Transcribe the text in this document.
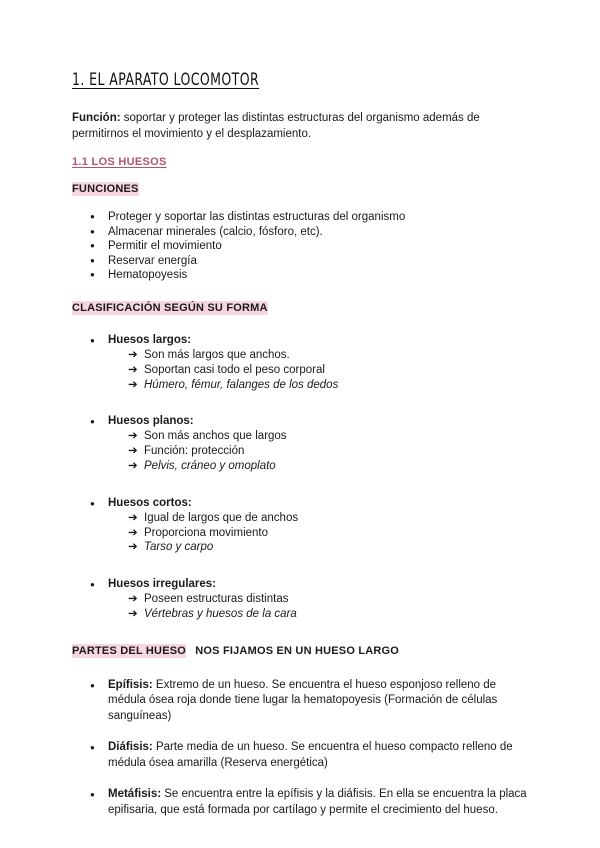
1. EL APARATO LOCOMOTOR

Función: soportar y proteger las distintas estructuras del organismo además de permitirnos el movimiento y el desplazamiento.

1.1 LOS HUESOS
FUNCIONES
● Proteger y soportar las distintas estructuras del organismo
● Almacenar minerales (calcio, fósforo, etc).
● Permitir el movimiento
● Reservar energía
● Hematopoyesis
CLASIFICACIÓN SEGÚN SU FORMA
● Huesos largos:
➔ Son más largos que anchos.
➔ Soportan casi todo el peso corporal
➔ Húmero, fémur, falanges de los dedos
● Huesos planos:
➔ Son más anchos que largos
➔ Función: protección
➔ Pelvis, cráneo y omoplato
● Huesos cortos:
➔ Igual de largos que de anchos
➔ Proporciona movimiento
➔ Tarso y carpo
● Huesos irregulares:
➔ Poseen estructuras distintas
➔ Vértebras y huesos de la cara
PARTES DEL HUESO NOS FIJAMOS EN UN HUESO LARGO
● Epífisis: Extremo de un hueso. Se encuentra el hueso esponjoso relleno de médula ósea roja donde tiene lugar la hematopoyesis (Formación de células sanguíneas)
● Diáfisis: Parte media de un hueso. Se encuentra el hueso compacto relleno de médula ósea amarilla (Reserva energética)
● Metáfisis: Se encuentra entre la epífisis y la diáfisis. En ella se encuentra la placa epifisaria, que está formada por cartílago y permite el crecimiento del hueso.
